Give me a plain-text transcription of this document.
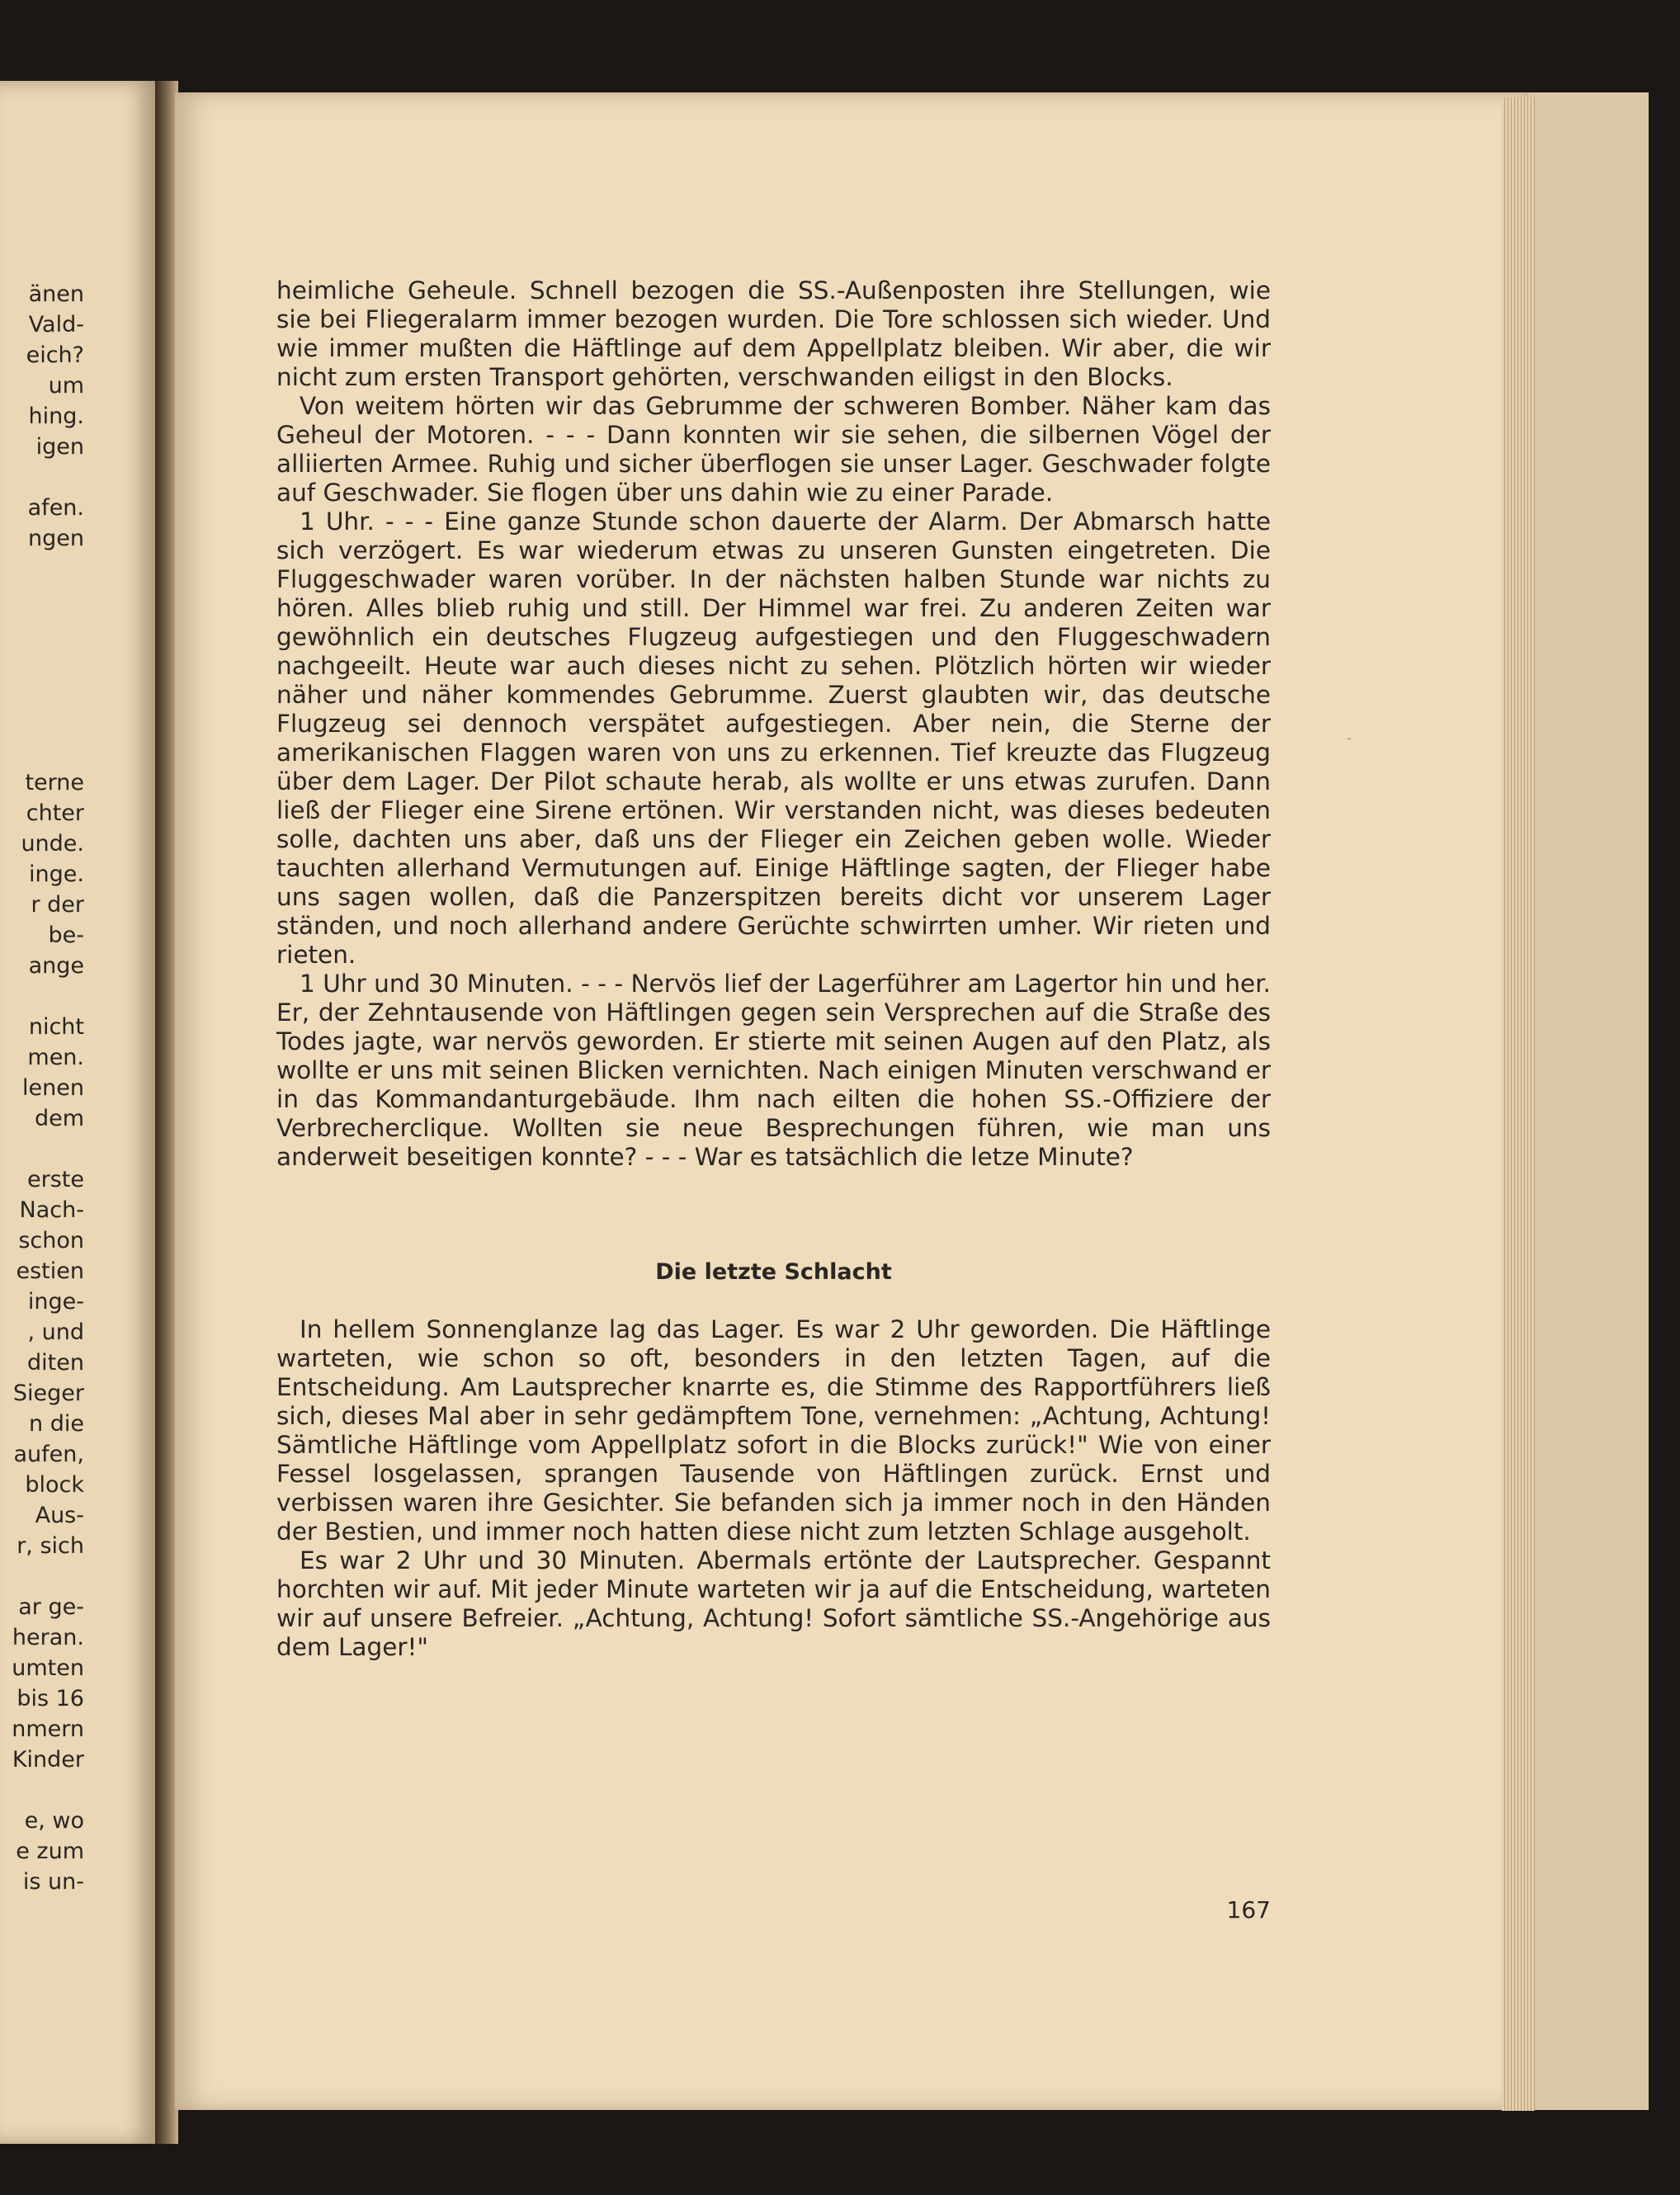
änen
Vald-
eich?
um
hing.
igen
afen.
ngen
terne
chter
unde.
inge.
r der
be-
ange
nicht
men.
lenen
dem
erste
Nach-
schon
estien
inge-
, und
diten
Sieger
n die
aufen,
block
Aus-
r, sich
ar ge-
heran.
umten
bis 16
nmern
Kinder
e, wo
e zum
is un-

heimliche Geheule. Schnell bezogen die SS.-Außenposten ihre Stellungen, wie sie bei Fliegeralarm immer bezogen wurden. Die Tore schlossen sich wieder. Und wie immer mußten die Häftlinge auf dem Appellplatz bleiben. Wir aber, die wir nicht zum ersten Transport gehörten, verschwanden eiligst in den Blocks.

Von weitem hörten wir das Gebrumme der schweren Bomber. Näher kam das Geheul der Motoren. - - - Dann konnten wir sie sehen, die silbernen Vögel der alliierten Armee. Ruhig und sicher überflogen sie unser Lager. Geschwader folgte auf Geschwader. Sie flogen über uns dahin wie zu einer Parade.

1 Uhr. - - - Eine ganze Stunde schon dauerte der Alarm. Der Abmarsch hatte sich verzögert. Es war wiederum etwas zu unseren Gunsten eingetreten. Die Fluggeschwader waren vorüber. In der nächsten halben Stunde war nichts zu hören. Alles blieb ruhig und still. Der Himmel war frei. Zu anderen Zeiten war gewöhnlich ein deutsches Flugzeug aufgestiegen und den Fluggeschwadern nachgeeilt. Heute war auch dieses nicht zu sehen. Plötzlich hörten wir wieder näher und näher kommendes Gebrumme. Zuerst glaubten wir, das deutsche Flugzeug sei dennoch verspätet aufgestiegen. Aber nein, die Sterne der amerikanischen Flaggen waren von uns zu erkennen. Tief kreuzte das Flugzeug über dem Lager. Der Pilot schaute herab, als wollte er uns etwas zurufen. Dann ließ der Flieger eine Sirene ertönen. Wir verstanden nicht, was dieses bedeuten solle, dachten uns aber, daß uns der Flieger ein Zeichen geben wolle. Wieder tauchten allerhand Vermutungen auf. Einige Häftlinge sagten, der Flieger habe uns sagen wollen, daß die Panzerspitzen bereits dicht vor unserem Lager ständen, und noch allerhand andere Gerüchte schwirrten umher. Wir rieten und rieten.

1 Uhr und 30 Minuten. - - - Nervös lief der Lagerführer am Lagertor hin und her. Er, der Zehntausende von Häftlingen gegen sein Versprechen auf die Straße des Todes jagte, war nervös geworden. Er stierte mit seinen Augen auf den Platz, als wollte er uns mit seinen Blicken vernichten. Nach einigen Minuten verschwand er in das Kommandanturgebäude. Ihm nach eilten die hohen SS.-Offiziere der Verbrecherclique. Wollten sie neue Besprechungen führen, wie man uns anderweit beseitigen konnte? - - - War es tatsächlich die letze Minute?

Die letzte Schlacht

In hellem Sonnenglanze lag das Lager. Es war 2 Uhr geworden. Die Häftlinge warteten, wie schon so oft, besonders in den letzten Tagen, auf die Entscheidung. Am Lautsprecher knarrte es, die Stimme des Rapportführers ließ sich, dieses Mal aber in sehr gedämpftem Tone, vernehmen: „Achtung, Achtung! Sämtliche Häftlinge vom Appellplatz sofort in die Blocks zurück!" Wie von einer Fessel losgelassen, sprangen Tausende von Häftlingen zurück. Ernst und verbissen waren ihre Gesichter. Sie befanden sich ja immer noch in den Händen der Bestien, und immer noch hatten diese nicht zum letzten Schlage ausgeholt.

Es war 2 Uhr und 30 Minuten. Abermals ertönte der Lautsprecher. Gespannt horchten wir auf. Mit jeder Minute warteten wir ja auf die Entscheidung, warteten wir auf unsere Befreier. „Achtung, Achtung! Sofort sämtliche SS.-Angehörige aus dem Lager!"

-
167
